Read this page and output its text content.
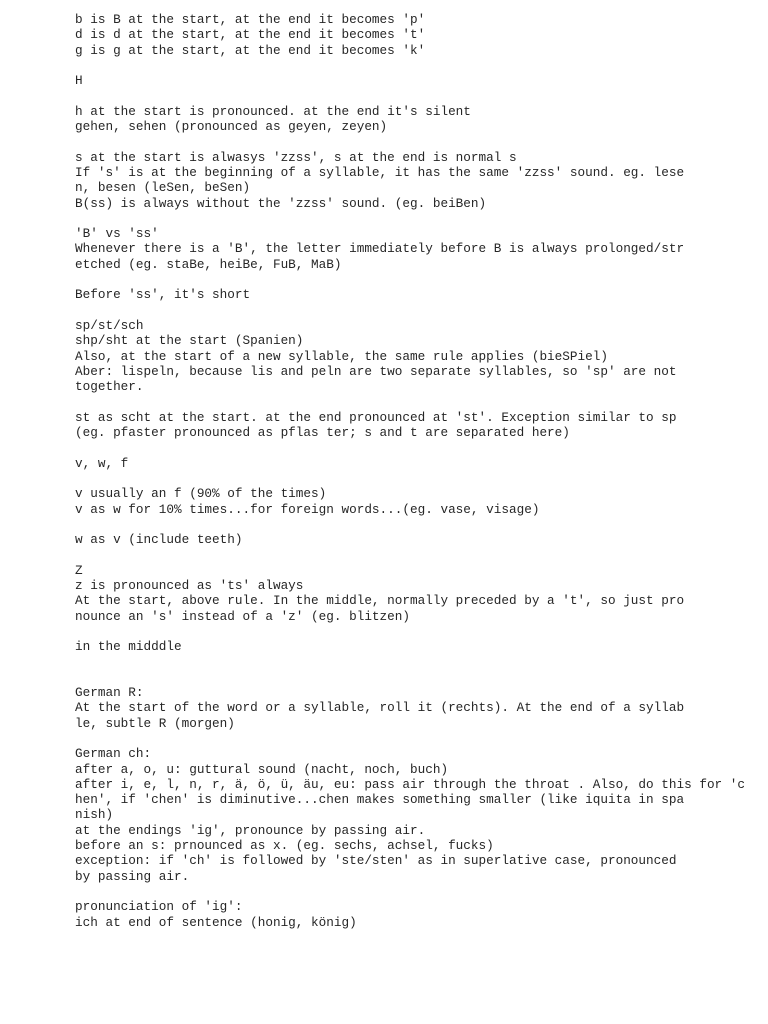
b is B at the start, at the end it becomes 'p'
d is d at the start, at the end it becomes 't'
g is g at the start, at the end it becomes 'k'
H
h at the start is pronounced. at the end it's silent
gehen, sehen (pronounced as geyen, zeyen)
s at the start is alwasys 'zzss', s at the end is normal s
If 's' is at the beginning of a syllable, it has the same 'zzss' sound. eg. lese
n, besen (leSen, beSen)
B(ss) is always without the 'zzss' sound. (eg. beiBen)
'B' vs 'ss'
Whenever there is a 'B', the letter immediately before B is always prolonged/str
etched (eg. staBe, heiBe, FuB, MaB)
Before 'ss', it's short
sp/st/sch
shp/sht at the start (Spanien)
Also, at the start of a new syllable, the same rule applies (bieSPiel)
Aber: lispeln, because lis and peln are two separate syllables, so 'sp' are not
together.
st as scht at the start. at the end pronounced at 'st'. Exception similar to sp
(eg. pfaster pronounced as pflas ter; s and t are separated here)
v, w, f
v usually an f (90% of the times)
v as w for 10% times...for foreign words...(eg. vase, visage)
w as v (include teeth)
Z
z is pronounced as 'ts' always
At the start, above rule. In the middle, normally preceded by a 't', so just pro
nounce an 's' instead of a 'z' (eg. blitzen)
in the midddle
German R:
At the start of the word or a syllable, roll it (rechts). At the end of a syllab
le, subtle R (morgen)
German ch:
after a, o, u: guttural sound (nacht, noch, buch)
after i, e, l, n, r, ä, ö, ü, äu, eu: pass air through the throat . Also, do this for 'c
hen', if 'chen' is diminutive...chen makes something smaller (like iquita in spa
nish)
at the endings 'ig', pronounce by passing air.
before an s: prnounced as x. (eg. sechs, achsel, fucks)
exception: if 'ch' is followed by 'ste/sten' as in superlative case, pronounced
by passing air.
pronunciation of 'ig':
ich at end of sentence (honig, könig)
